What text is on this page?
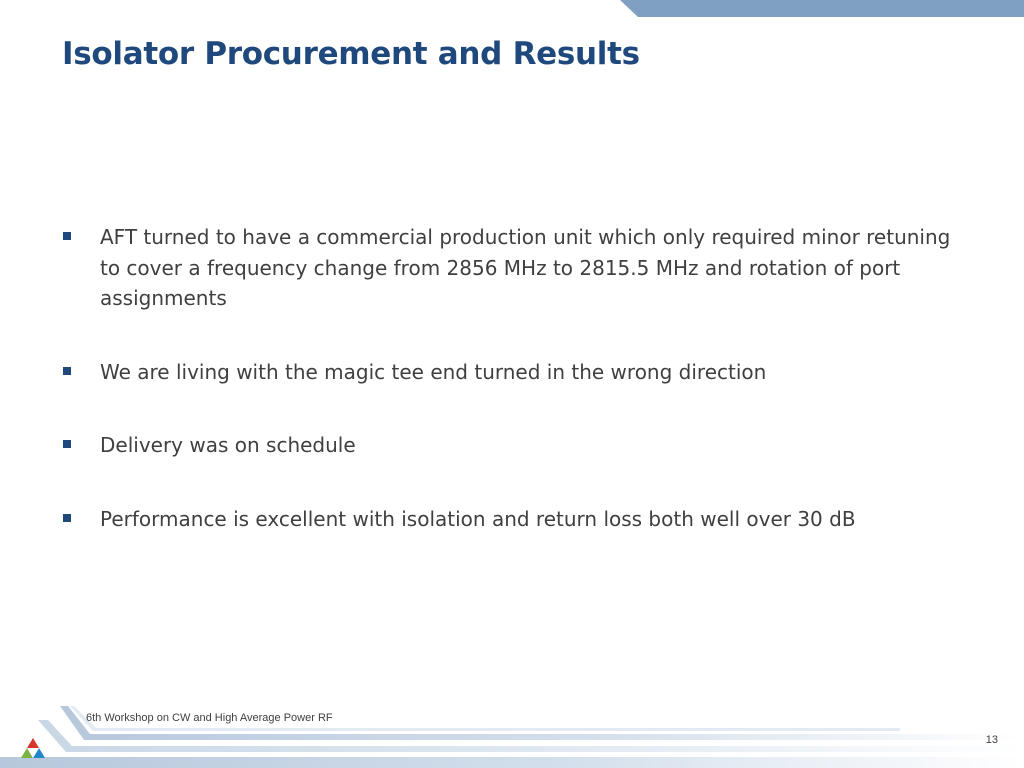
Isolator Procurement and Results
AFT turned to have a commercial production unit which only required minor retuning to cover a frequency change from 2856 MHz to 2815.5 MHz and rotation of port assignments
We are living with the magic tee end turned in the wrong direction
Delivery was on schedule
Performance is excellent with isolation and return loss both well over 30 dB
6th Workshop on CW and High Average Power RF
13
